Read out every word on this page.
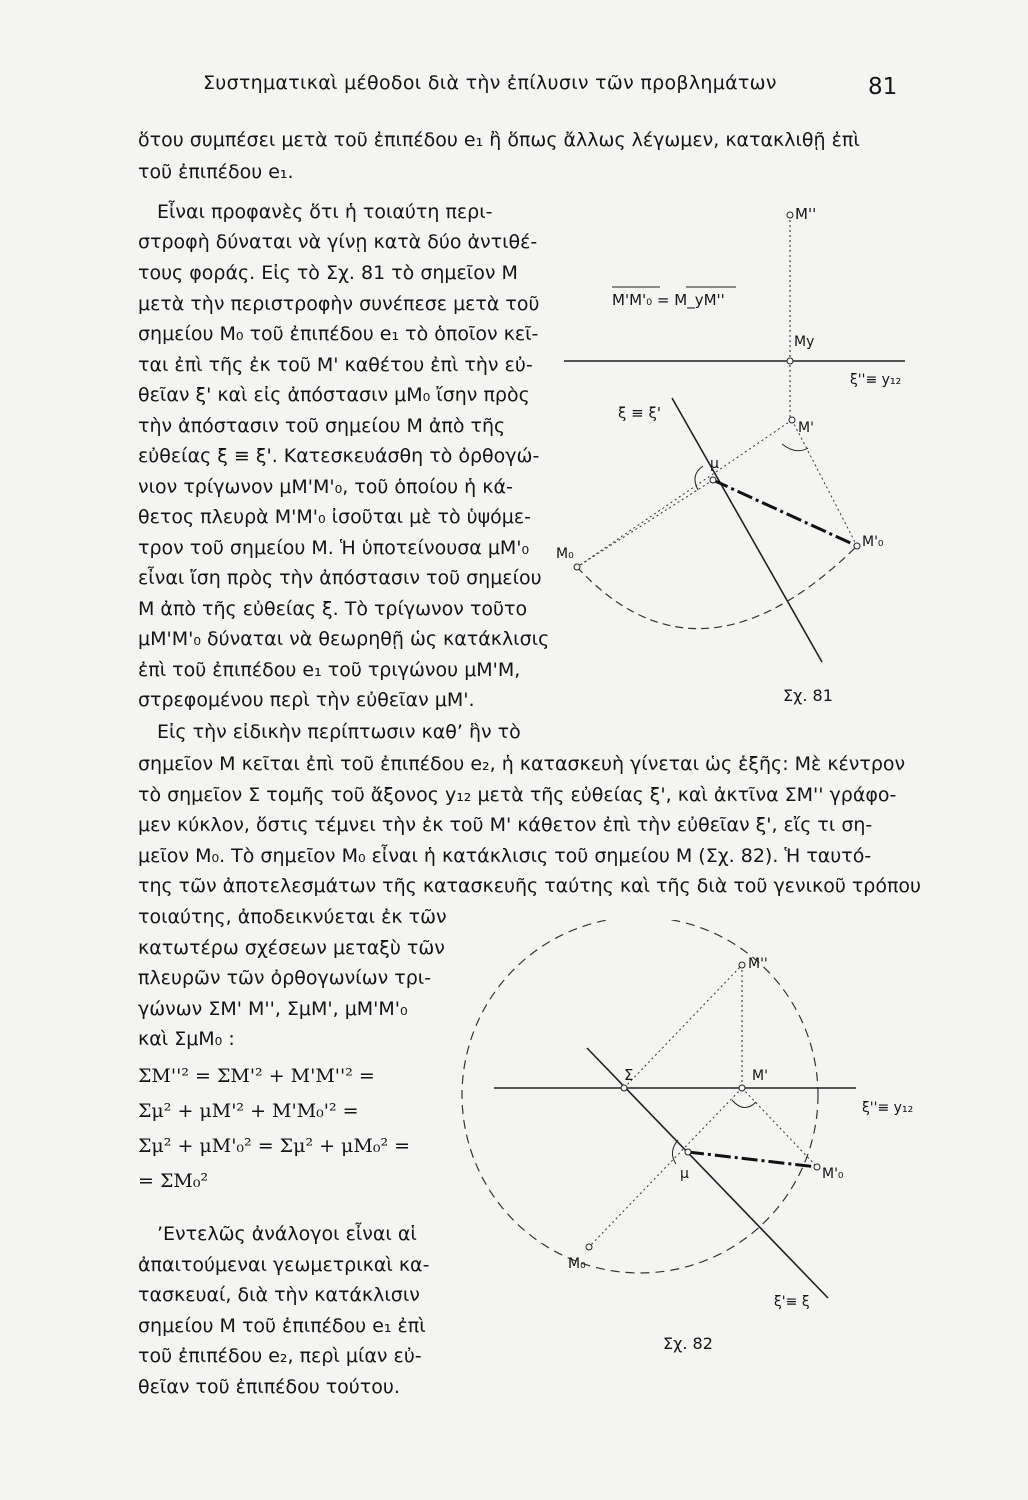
Συστηματικαὶ μέθοδοι διὰ τὴν ἐπίλυσιν τῶν προβλημάτων	81
ὅτου συμπέσει μετὰ τοῦ ἐπιπέδου e₁ ἢ ὅπως ἄλλως λέγωμεν, κατακλιθῇ ἐπὶ
τοῦ ἐπιπέδου e₁.
Εἶναι προφανὲς ὅτι ἡ τοιαύτη περι-
στροφὴ δύναται νὰ γίνῃ κατὰ δύο ἀντιθέ-
τους φοράς. Εἰς τὸ Σχ. 81 τὸ σημεῖον M
μετὰ τὴν περιστροφὴν συνέπεσε μετὰ τοῦ
σημείου M₀ τοῦ ἐπιπέδου e₁ τὸ ὁποῖον κεῖ-
ται ἐπὶ τῆς ἐκ τοῦ M' καθέτου ἐπὶ τὴν εὐ-
θεῖαν ξ' καὶ εἰς ἀπόστασιν μM₀ ἴσην πρὸς
τὴν ἀπόστασιν τοῦ σημείου M ἀπὸ τῆς
εὐθείας ξ ≡ ξ'. Κατεσκευάσθη τὸ ὀρθογώ-
νιον τρίγωνον μM'M'₀, τοῦ ὁποίου ἡ κά-
θετος πλευρὰ M'M'₀ ἰσοῦται μὲ τὸ ὑψόμε-
τρον τοῦ σημείου M. Ἡ ὑποτείνουσα μM'₀
εἶναι ἴση πρὸς τὴν ἀπόστασιν τοῦ σημείου
M ἀπὸ τῆς εὐθείας ξ. Τὸ τρίγωνον τοῦτο
μM'M'₀ δύναται νὰ θεωρηθῇ ὡς κατάκλισις
ἐπὶ τοῦ ἐπιπέδου e₁ τοῦ τριγώνου μM'M,
στρεφομένου περὶ τὴν εὐθεῖαν μM'.
Εἰς τὴν εἰδικὴν περίπτωσιν καθ’ ἣν τὸ
σημεῖον M κεῖται ἐπὶ τοῦ ἐπιπέδου e₂, ἡ κατασκευὴ γίνεται ὡς ἑξῆς: Μὲ κέντρον
τὸ σημεῖον Σ τομῆς τοῦ ἄξονος y₁₂ μετὰ τῆς εὐθείας ξ', καὶ ἀκτῖνα ΣM'' γράφο-
μεν κύκλον, ὅστις τέμνει τὴν ἐκ τοῦ M' κάθετον ἐπὶ τὴν εὐθεῖαν ξ', εἴς τι ση-
μεῖον M₀. Τὸ σημεῖον M₀ εἶναι ἡ κατάκλισις τοῦ σημείου M (Σχ. 82). Ἡ ταυτό-
της τῶν ἀποτελεσμάτων τῆς κατασκευῆς ταύτης καὶ τῆς διὰ τοῦ γενικοῦ τρόπου
τοιαύτης, ἀποδεικνύεται ἐκ τῶν
κατωτέρω σχέσεων μεταξὺ τῶν
πλευρῶν τῶν ὀρθογωνίων τρι-
γώνων ΣM' M'', ΣμM', μM'M'₀
καὶ ΣμM₀ :
ΣM''² = ΣM'² + M'M''² =
Σμ² + μM'² + M'M₀'² =
Σμ² + μM'₀² = Σμ² + μM₀² =
= ΣM₀²
’Εντελῶς ἀνάλογοι εἶναι αἱ
ἀπαιτούμεναι γεωμετρικαὶ κα-
τασκευαί, διὰ τὴν κατάκλισιν
σημείου M τοῦ ἐπιπέδου e₁ ἐπὶ
τοῦ ἐπιπέδου e₂, περὶ μίαν εὐ-
θεῖαν τοῦ ἐπιπέδου τούτου.
M''
M'M'₀ = M_yM''
My
ξ''≡ y₁₂
ξ ≡ ξ'
M'
μ
M'₀
M₀
Σχ. 81
M''
Σ	M'
ξ''≡ y₁₂
μ	M'₀
M₀
ξ'≡ ξ
Σχ. 82
